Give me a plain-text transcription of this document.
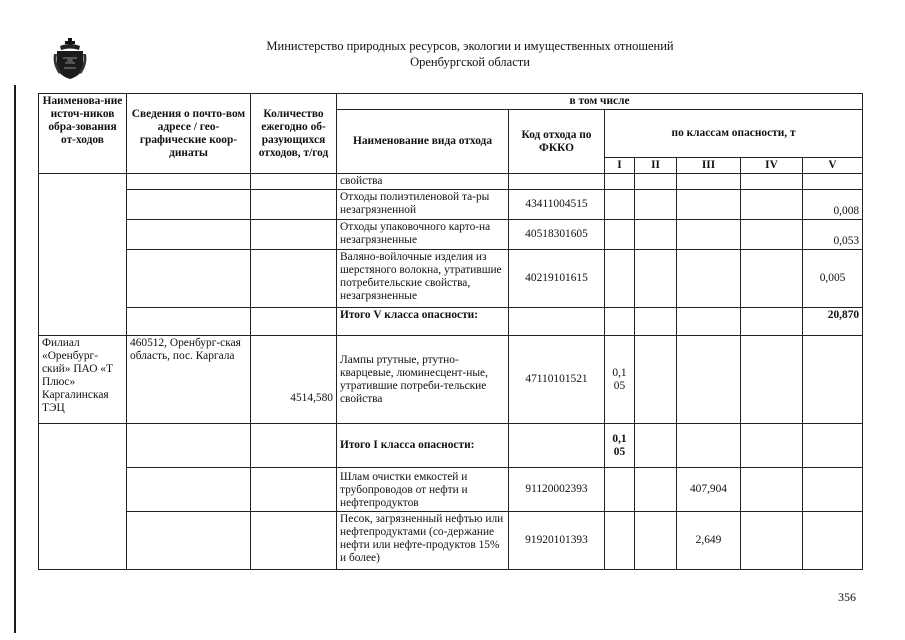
Министерство природных ресурсов, экологии и имущественных отношений
Оренбургской области
Наименова-ние источ-ников обра-зования от-ходов	Сведения о почто-вом адресе / гео-графические коор-динаты	Количество ежегодно об-разующихся отходов, т/год	в том числе						
			Наименование вида отхода	Код отхода по ФККО	по классам опасности, т				
					I	II	III	IV	V
			свойства						
			Отходы полиэтиленовой та-ры незагрязненной	43411004515					0,008
			Отходы упаковочного карто-на незагрязненные	40518301605					0,053
			Валяно-войлочные изделия из шерстяного волокна, утратившие потребительские свойства, незагрязненные	40219101615					0,005
			Итого V класса опасности:						20,870
Филиал «Оренбург-ский» ПАО «Т Плюс» Каргалинская ТЭЦ	460512, Оренбург-ская область, пос. Каргала	4514,580	Лампы ртутные, ртутно-кварцевые, люминесцент-ные, утратившие потреби-тельские свойства	47110101521	0,1 05				
			Итого I класса опасности:		0,1 05				
			Шлам очистки емкостей и трубопроводов от нефти и нефтепродуктов	91120002393			407,904		
			Песок, загрязненный нефтью или нефтепродуктами (со-держание нефти или нефте-продуктов 15% и более)	91920101393			2,649		
356
